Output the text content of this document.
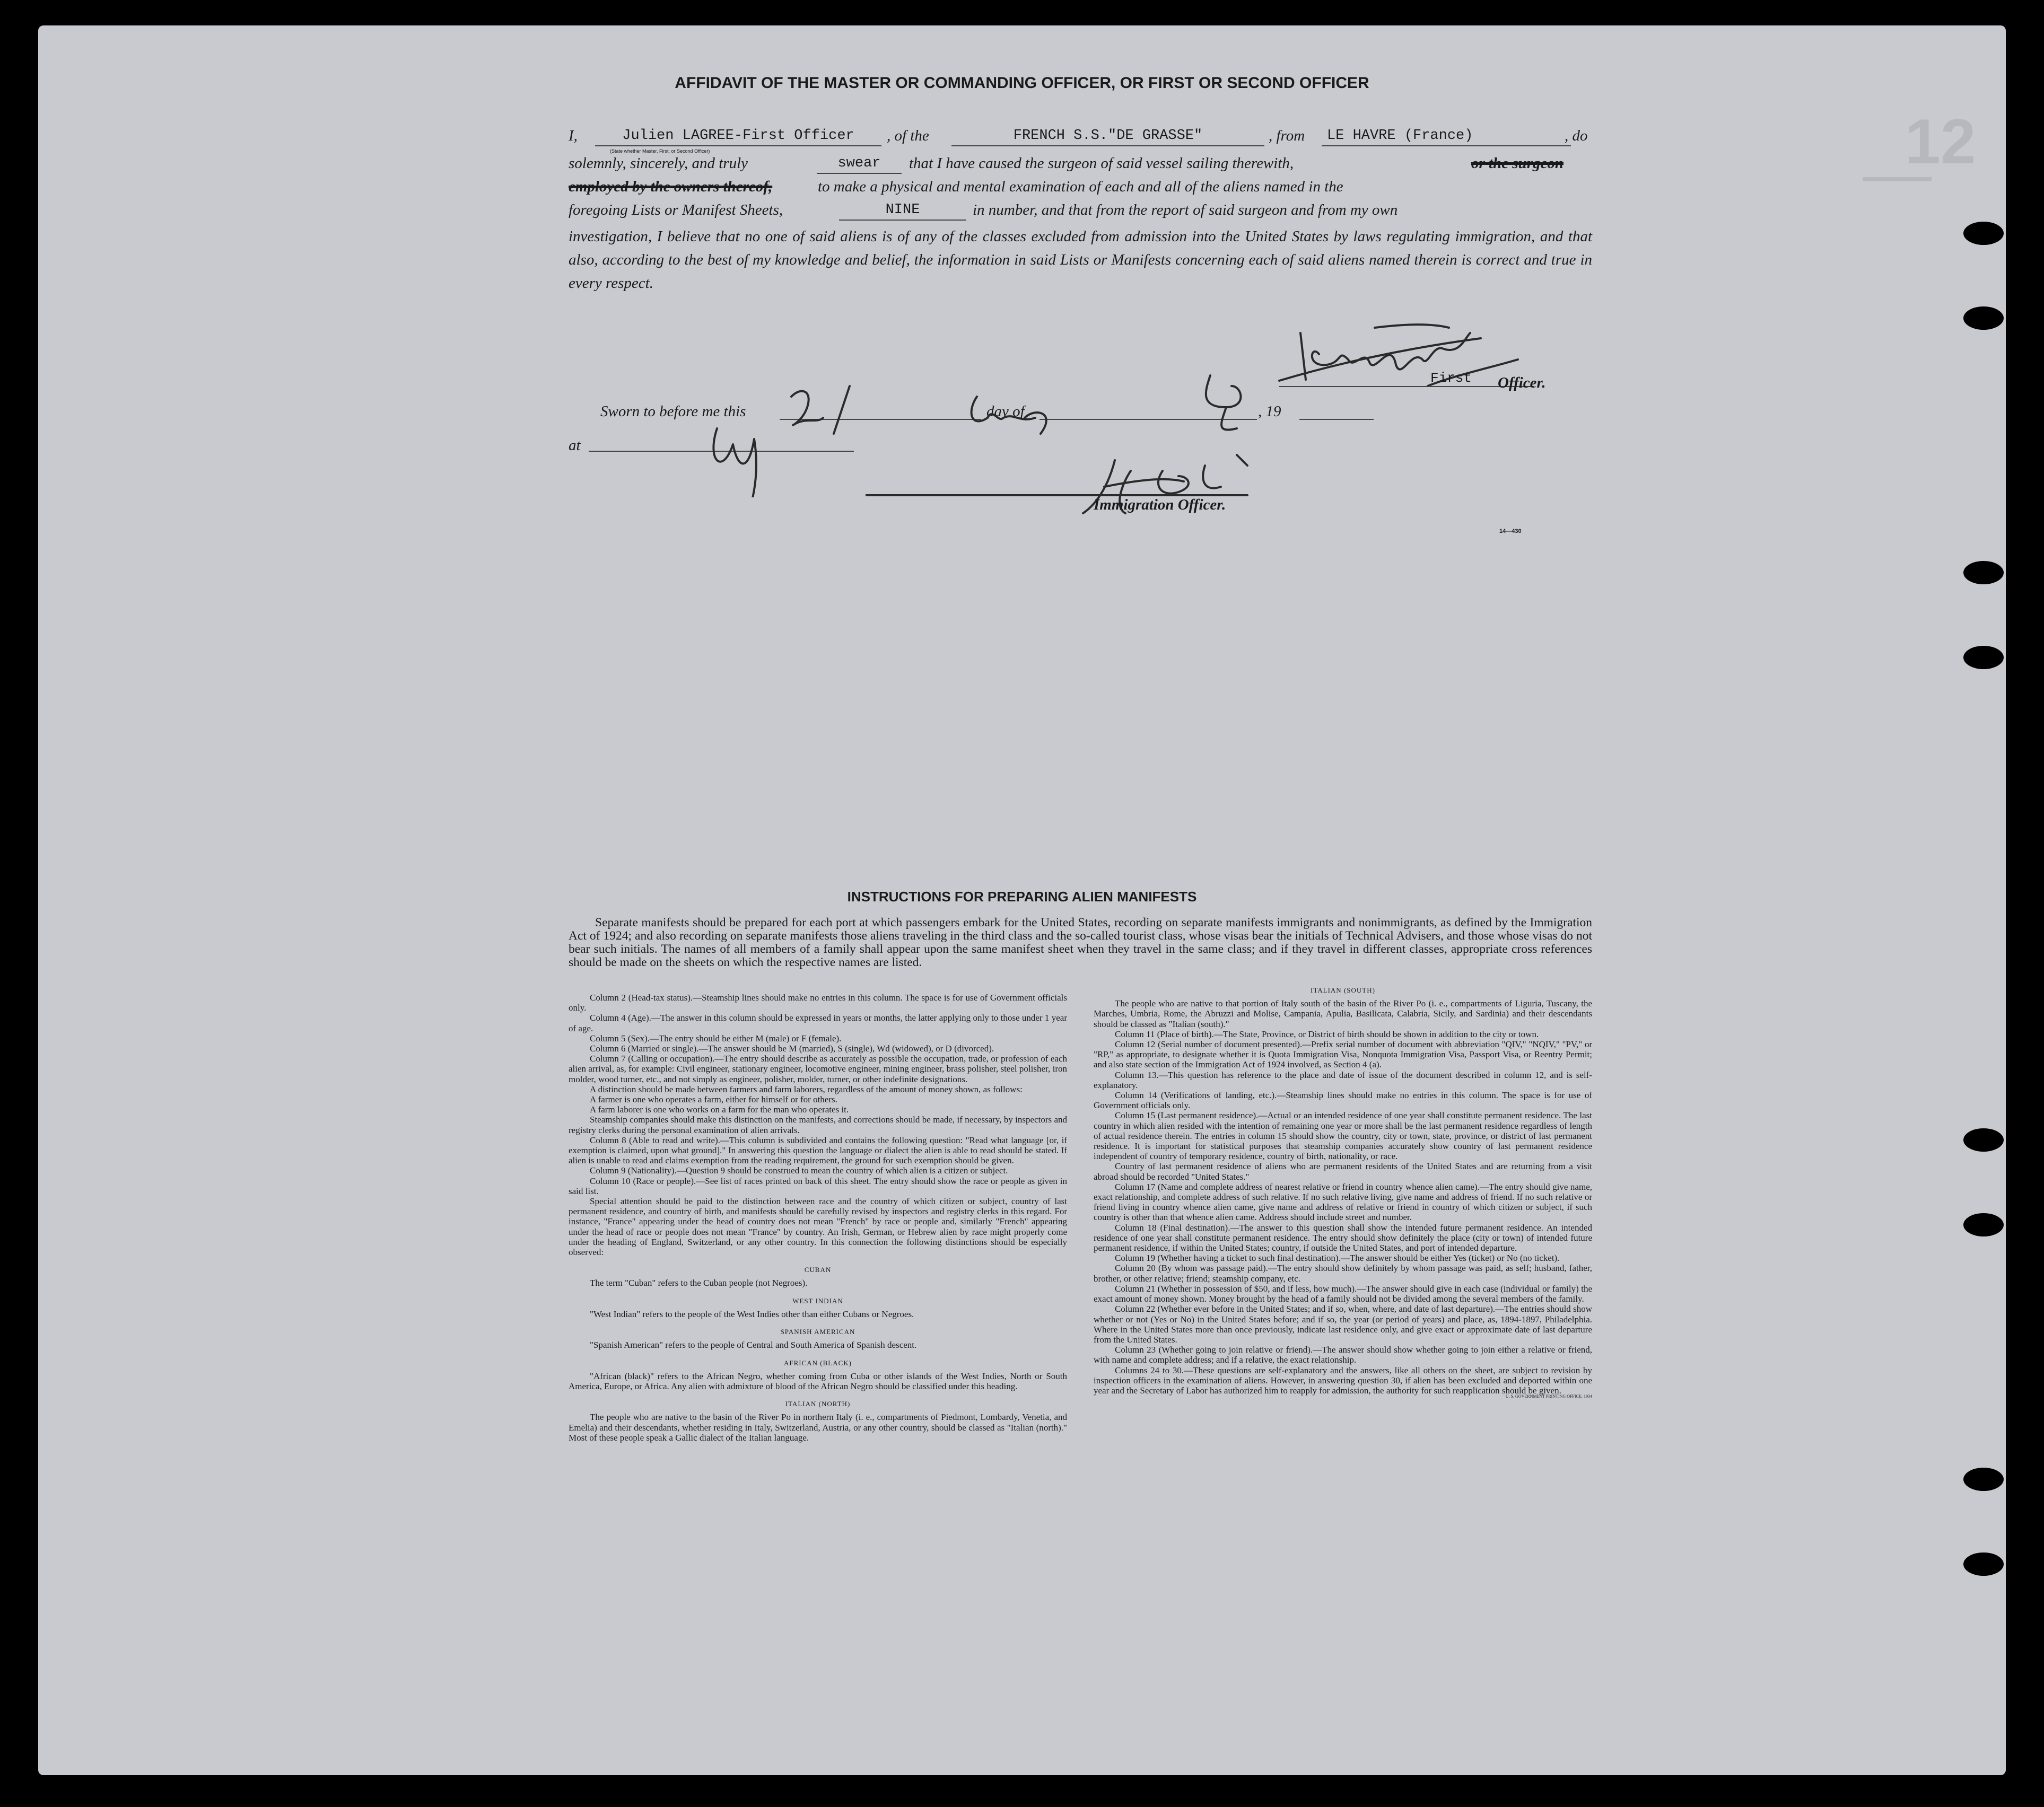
12
▬▬▬▬▬
AFFIDAVIT OF THE MASTER OR COMMANDING OFFICER, OR FIRST OR SECOND OFFICER
I,	Julien LAGREE-First Officer	, of the	FRENCH S.S."DE GRASSE"	, from	LE HAVRE (France)	, do
(State whether Master, First, or Second Officer)
solemnly, sincerely, and truly	swear	that I have caused the surgeon of said vessel sailing therewith,	or the surgeon
employed by the owners thereof,	to make a physical and mental examination of each and all of the aliens named in the
foregoing Lists or Manifest Sheets,	NINE	in number, and that from the report of said surgeon and from my own
investigation, I believe that no one of said aliens is of any of the classes excluded from admission into the United States by laws regulating immigration, and that also, according to the best of my knowledge and belief, the information in said Lists or Manifests concerning each of said aliens named therein is correct and true in every respect.
First Officer.
Sworn to before me this	day of	, 19
at
Immigration Officer.
14—430
INSTRUCTIONS FOR PREPARING ALIEN MANIFESTS
Separate manifests should be prepared for each port at which passengers embark for the United States, recording on separate manifests immigrants and nonimmigrants, as defined by the Immigration Act of 1924; and also recording on separate manifests those aliens traveling in the third class and the so-called tourist class, whose visas bear the initials of Technical Advisers, and those whose visas do not bear such initials. The names of all members of a family shall appear upon the same manifest sheet when they travel in the same class; and if they travel in different classes, appropriate cross references should be made on the sheets on which the respective names are listed.

Column 2 (Head-tax status).—Steamship lines should make no entries in this column. The space is for use of Government officials only.

Column 4 (Age).—The answer in this column should be expressed in years or months, the latter applying only to those under 1 year of age.

Column 5 (Sex).—The entry should be either M (male) or F (female).

Column 6 (Married or single).—The answer should be M (married), S (single), Wd (widowed), or D (divorced).

Column 7 (Calling or occupation).—The entry should describe as accurately as possible the occupation, trade, or profession of each alien arrival, as, for example: Civil engineer, stationary engineer, locomotive engineer, mining engineer, brass polisher, steel polisher, iron molder, wood turner, etc., and not simply as engineer, polisher, molder, turner, or other indefinite designations.

A distinction should be made between farmers and farm laborers, regardless of the amount of money shown, as follows:

A farmer is one who operates a farm, either for himself or for others.

A farm laborer is one who works on a farm for the man who operates it.

Steamship companies should make this distinction on the manifests, and corrections should be made, if necessary, by inspectors and registry clerks during the personal examination of alien arrivals.

Column 8 (Able to read and write).—This column is subdivided and contains the following question: "Read what language [or, if exemption is claimed, upon what ground]." In answering this question the language or dialect the alien is able to read should be stated. If alien is unable to read and claims exemption from the reading requirement, the ground for such exemption should be given.

Column 9 (Nationality).—Question 9 should be construed to mean the country of which alien is a citizen or subject.

Column 10 (Race or people).—See list of races printed on back of this sheet. The entry should show the race or people as given in said list.

Special attention should be paid to the distinction between race and the country of which citizen or subject, country of last permanent residence, and country of birth, and manifests should be carefully revised by inspectors and registry clerks in this regard. For instance, "France" appearing under the head of country does not mean "French" by race or people and, similarly "French" appearing under the head of race or people does not mean "France" by country. An Irish, German, or Hebrew alien by race might properly come under the heading of England, Switzerland, or any other country. In this connection the following distinctions should be especially observed:

CUBAN

The term "Cuban" refers to the Cuban people (not Negroes).

WEST INDIAN

"West Indian" refers to the people of the West Indies other than either Cubans or Negroes.

SPANISH AMERICAN

"Spanish American" refers to the people of Central and South America of Spanish descent.

AFRICAN (BLACK)

"African (black)" refers to the African Negro, whether coming from Cuba or other islands of the West Indies, North or South America, Europe, or Africa. Any alien with admixture of blood of the African Negro should be classified under this heading.

ITALIAN (NORTH)

The people who are native to the basin of the River Po in northern Italy (i. e., compartments of Piedmont, Lombardy, Venetia, and Emelia) and their descendants, whether residing in Italy, Switzerland, Austria, or any other country, should be classed as "Italian (north)." Most of these people speak a Gallic dialect of the Italian language.

ITALIAN (SOUTH)

The people who are native to that portion of Italy south of the basin of the River Po (i. e., compartments of Liguria, Tuscany, the Marches, Umbria, Rome, the Abruzzi and Molise, Campania, Apulia, Basilicata, Calabria, Sicily, and Sardinia) and their descendants should be classed as "Italian (south)."

Column 11 (Place of birth).—The State, Province, or District of birth should be shown in addition to the city or town.

Column 12 (Serial number of document presented).—Prefix serial number of document with abbreviation "QIV," "NQIV," "PV," or "RP," as appropriate, to designate whether it is Quota Immigration Visa, Nonquota Immigration Visa, Passport Visa, or Reentry Permit; and also state section of the Immigration Act of 1924 involved, as Section 4 (a).

Column 13.—This question has reference to the place and date of issue of the document described in column 12, and is self-explanatory.

Column 14 (Verifications of landing, etc.).—Steamship lines should make no entries in this column. The space is for use of Government officials only.

Column 15 (Last permanent residence).—Actual or an intended residence of one year shall constitute permanent residence. The last country in which alien resided with the intention of remaining one year or more shall be the last permanent residence regardless of length of actual residence therein. The entries in column 15 should show the country, city or town, state, province, or district of last permanent residence. It is important for statistical purposes that steamship companies accurately show country of last permanent residence independent of country of temporary residence, country of birth, nationality, or race.

Country of last permanent residence of aliens who are permanent residents of the United States and are returning from a visit abroad should be recorded "United States."

Column 17 (Name and complete address of nearest relative or friend in country whence alien came).—The entry should give name, exact relationship, and complete address of such relative. If no such relative living, give name and address of friend. If no such relative or friend living in country whence alien came, give name and address of relative or friend in country of which citizen or subject, if such country is other than that whence alien came. Address should include street and number.

Column 18 (Final destination).—The answer to this question shall show the intended future permanent residence. An intended residence of one year shall constitute permanent residence. The entry should show definitely the place (city or town) of intended future permanent residence, if within the United States; country, if outside the United States, and port of intended departure.

Column 19 (Whether having a ticket to such final destination).—The answer should be either Yes (ticket) or No (no ticket).

Column 20 (By whom was passage paid).—The entry should show definitely by whom passage was paid, as self; husband, father, brother, or other relative; friend; steamship company, etc.

Column 21 (Whether in possession of $50, and if less, how much).—The answer should give in each case (individual or family) the exact amount of money shown. Money brought by the head of a family should not be divided among the several members of the family.

Column 22 (Whether ever before in the United States; and if so, when, where, and date of last departure).—The entries should show whether or not (Yes or No) in the United States before; and if so, the year (or period of years) and place, as, 1894-1897, Philadelphia. Where in the United States more than once previously, indicate last residence only, and give exact or approximate date of last departure from the United States.

Column 23 (Whether going to join relative or friend).—The answer should show whether going to join either a relative or friend, with name and complete address; and if a relative, the exact relationship.

Columns 24 to 30.—These questions are self-explanatory and the answers, like all others on the sheet, are subject to revision by inspection officers in the examination of aliens. However, in answering question 30, if alien has been excluded and deported within one year and the Secretary of Labor has authorized him to reapply for admission, the authority for such reapplication should be given.

U. S. GOVERNMENT PRINTING OFFICE: 1934
